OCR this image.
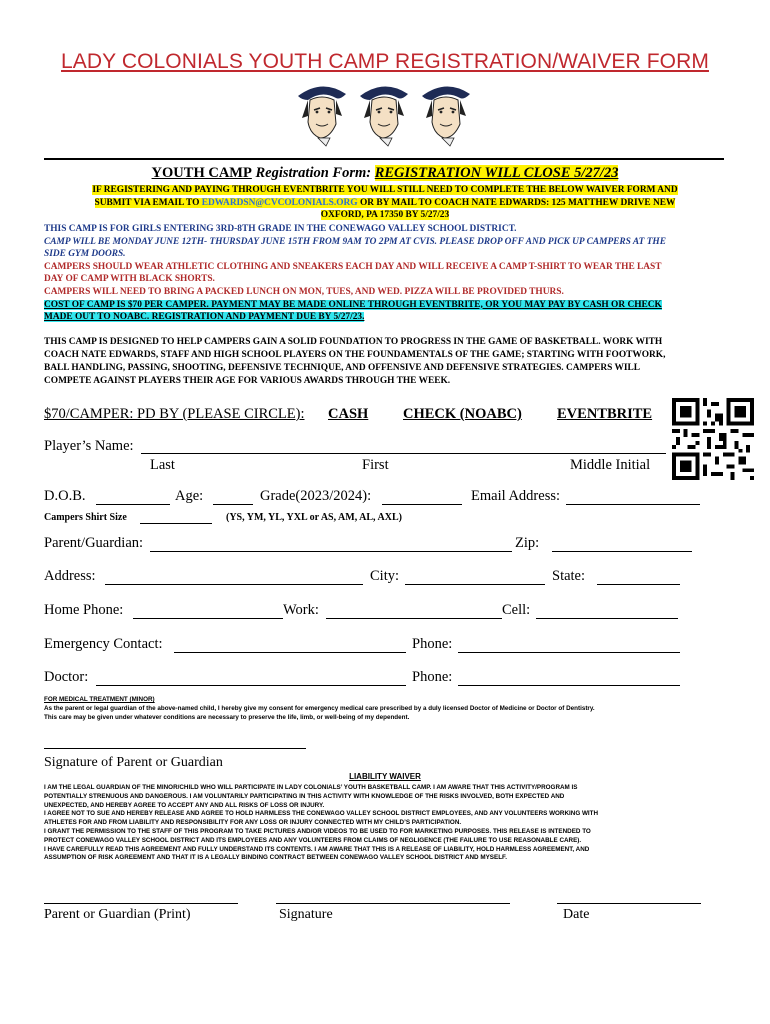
LADY COLONIALS YOUTH CAMP REGISTRATION/WAIVER FORM
YOUTH CAMP Registration Form: REGISTRATION WILL CLOSE 5/27/23
IF REGISTERING AND PAYING THROUGH EVENTBRITE YOU WILL STILL NEED TO COMPLETE THE BELOW WAIVER FORM AND
SUBMIT VIA EMAIL TO EDWARDSN@CVCOLONIALS.ORG OR BY MAIL TO COACH NATE EDWARDS: 125 MATTHEW DRIVE NEW
OXFORD, PA 17350 BY 5/27/23
THIS CAMP IS FOR GIRLS ENTERING 3RD-8TH GRADE IN THE CONEWAGO VALLEY SCHOOL DISTRICT.
CAMP WILL BE MONDAY JUNE 12TH- THURSDAY JUNE 15TH FROM 9AM TO 2PM AT CVIS. PLEASE DROP OFF AND PICK UP CAMPERS AT THE
SIDE GYM DOORS.
CAMPERS SHOULD WEAR ATHLETIC CLOTHING AND SNEAKERS EACH DAY AND WILL RECEIVE A CAMP T-SHIRT TO WEAR THE LAST
DAY OF CAMP WITH BLACK SHORTS.
CAMPERS WILL NEED TO BRING A PACKED LUNCH ON MON, TUES, AND WED. PIZZA WILL BE PROVIDED THURS.
COST OF CAMP IS $70 PER CAMPER. PAYMENT MAY BE MADE ONLINE THROUGH EVENTBRITE, OR YOU MAY PAY BY CASH OR CHECK
MADE OUT TO NOABC. REGISTRATION AND PAYMENT DUE BY 5/27/23.
THIS CAMP IS DESIGNED TO HELP CAMPERS GAIN A SOLID FOUNDATION TO PROGRESS IN THE GAME OF BASKETBALL. WORK WITH
COACH NATE EDWARDS, STAFF AND HIGH SCHOOL PLAYERS ON THE FOUNDAMENTALS OF THE GAME; STARTING WITH FOOTWORK,
BALL HANDLING, PASSING, SHOOTING, DEFENSIVE TECHNIQUE, AND OFFENSIVE AND DEFENSIVE STRATEGIES. CAMPERS WILL
COMPETE AGAINST PLAYERS THEIR AGE FOR VARIOUS AWARDS THROUGH THE WEEK.
$70/CAMPER: PD BY (PLEASE CIRCLE): CASH CHECK (NOABC) EVENTBRITE
Player’s Name:
Last	First	Middle Initial
D.O.B.	Age:	Grade(2023/2024):	Email Address:
Campers Shirt Size	(YS, YM, YL, YXL or AS, AM, AL, AXL)
Parent/Guardian:	Zip:
Address:	City:	State:
Home Phone:	Work:	Cell:
Emergency Contact:	Phone:
Doctor:	Phone:
FOR MEDICAL TREATMENT (MINOR)
As the parent or legal guardian of the above-named child, I hereby give my consent for emergency medical care prescribed by a duly licensed Doctor of Medicine or Doctor of Dentistry.
This care may be given under whatever conditions are necessary to preserve the life, limb, or well-being of my dependent.
Signature of Parent or Guardian
LIABILITY WAIVER
I AM THE LEGAL GUARDIAN OF THE MINOR/CHILD WHO WILL PARTICIPATE IN LADY COLONIALS’ YOUTH BASKETBALL CAMP. I AM AWARE THAT THIS ACTIVITY/PROGRAM IS
POTENTIALLY STRENUOUS AND DANGEROUS. I AM VOLUNTARILY PARTICIPATING IN THIS ACTIVITY WITH KNOWLEDGE OF THE RISKS INVOLVED, BOTH EXPECTED AND
UNEXPECTED, AND HEREBY AGREE TO ACCEPT ANY AND ALL RISKS OF LOSS OR INJURY.
I AGREE NOT TO SUE AND HEREBY RELEASE AND AGREE TO HOLD HARMLESS THE CONEWAGO VALLEY SCHOOL DISTRICT EMPLOYEES, AND ANY VOLUNTEERS WORKING WITH
ATHLETES FOR AND FROM LIABILITY AND RESPONSIBILITY FOR ANY LOSS OR INJURY CONNECTED WITH MY CHILD’S PARTICIPATION.
I GRANT THE PERMISSION TO THE STAFF OF THIS PROGRAM TO TAKE PICTURES AND/OR VIDEOS TO BE USED TO FOR MARKETING PURPOSES. THIS RELEASE IS INTENDED TO
PROTECT CONEWAGO VALLEY SCHOOL DISTRICT AND ITS EMPLOYEES AND ANY VOLUNTEERS FROM CLAIMS OF NEGLIGENCE (THE FAILURE TO USE REASONABLE CARE).
I HAVE CAREFULLY READ THIS AGREEMENT AND FULLY UNDERSTAND ITS CONTENTS. I AM AWARE THAT THIS IS A RELEASE OF LIABILITY, HOLD HARMLESS AGREEMENT, AND
ASSUMPTION OF RISK AGREEMENT AND THAT IT IS A LEGALLY BINDING CONTRACT BETWEEN CONEWAGO VALLEY SCHOOL DISTRICT AND MYSELF.
Parent or Guardian (Print)	Signature	Date
